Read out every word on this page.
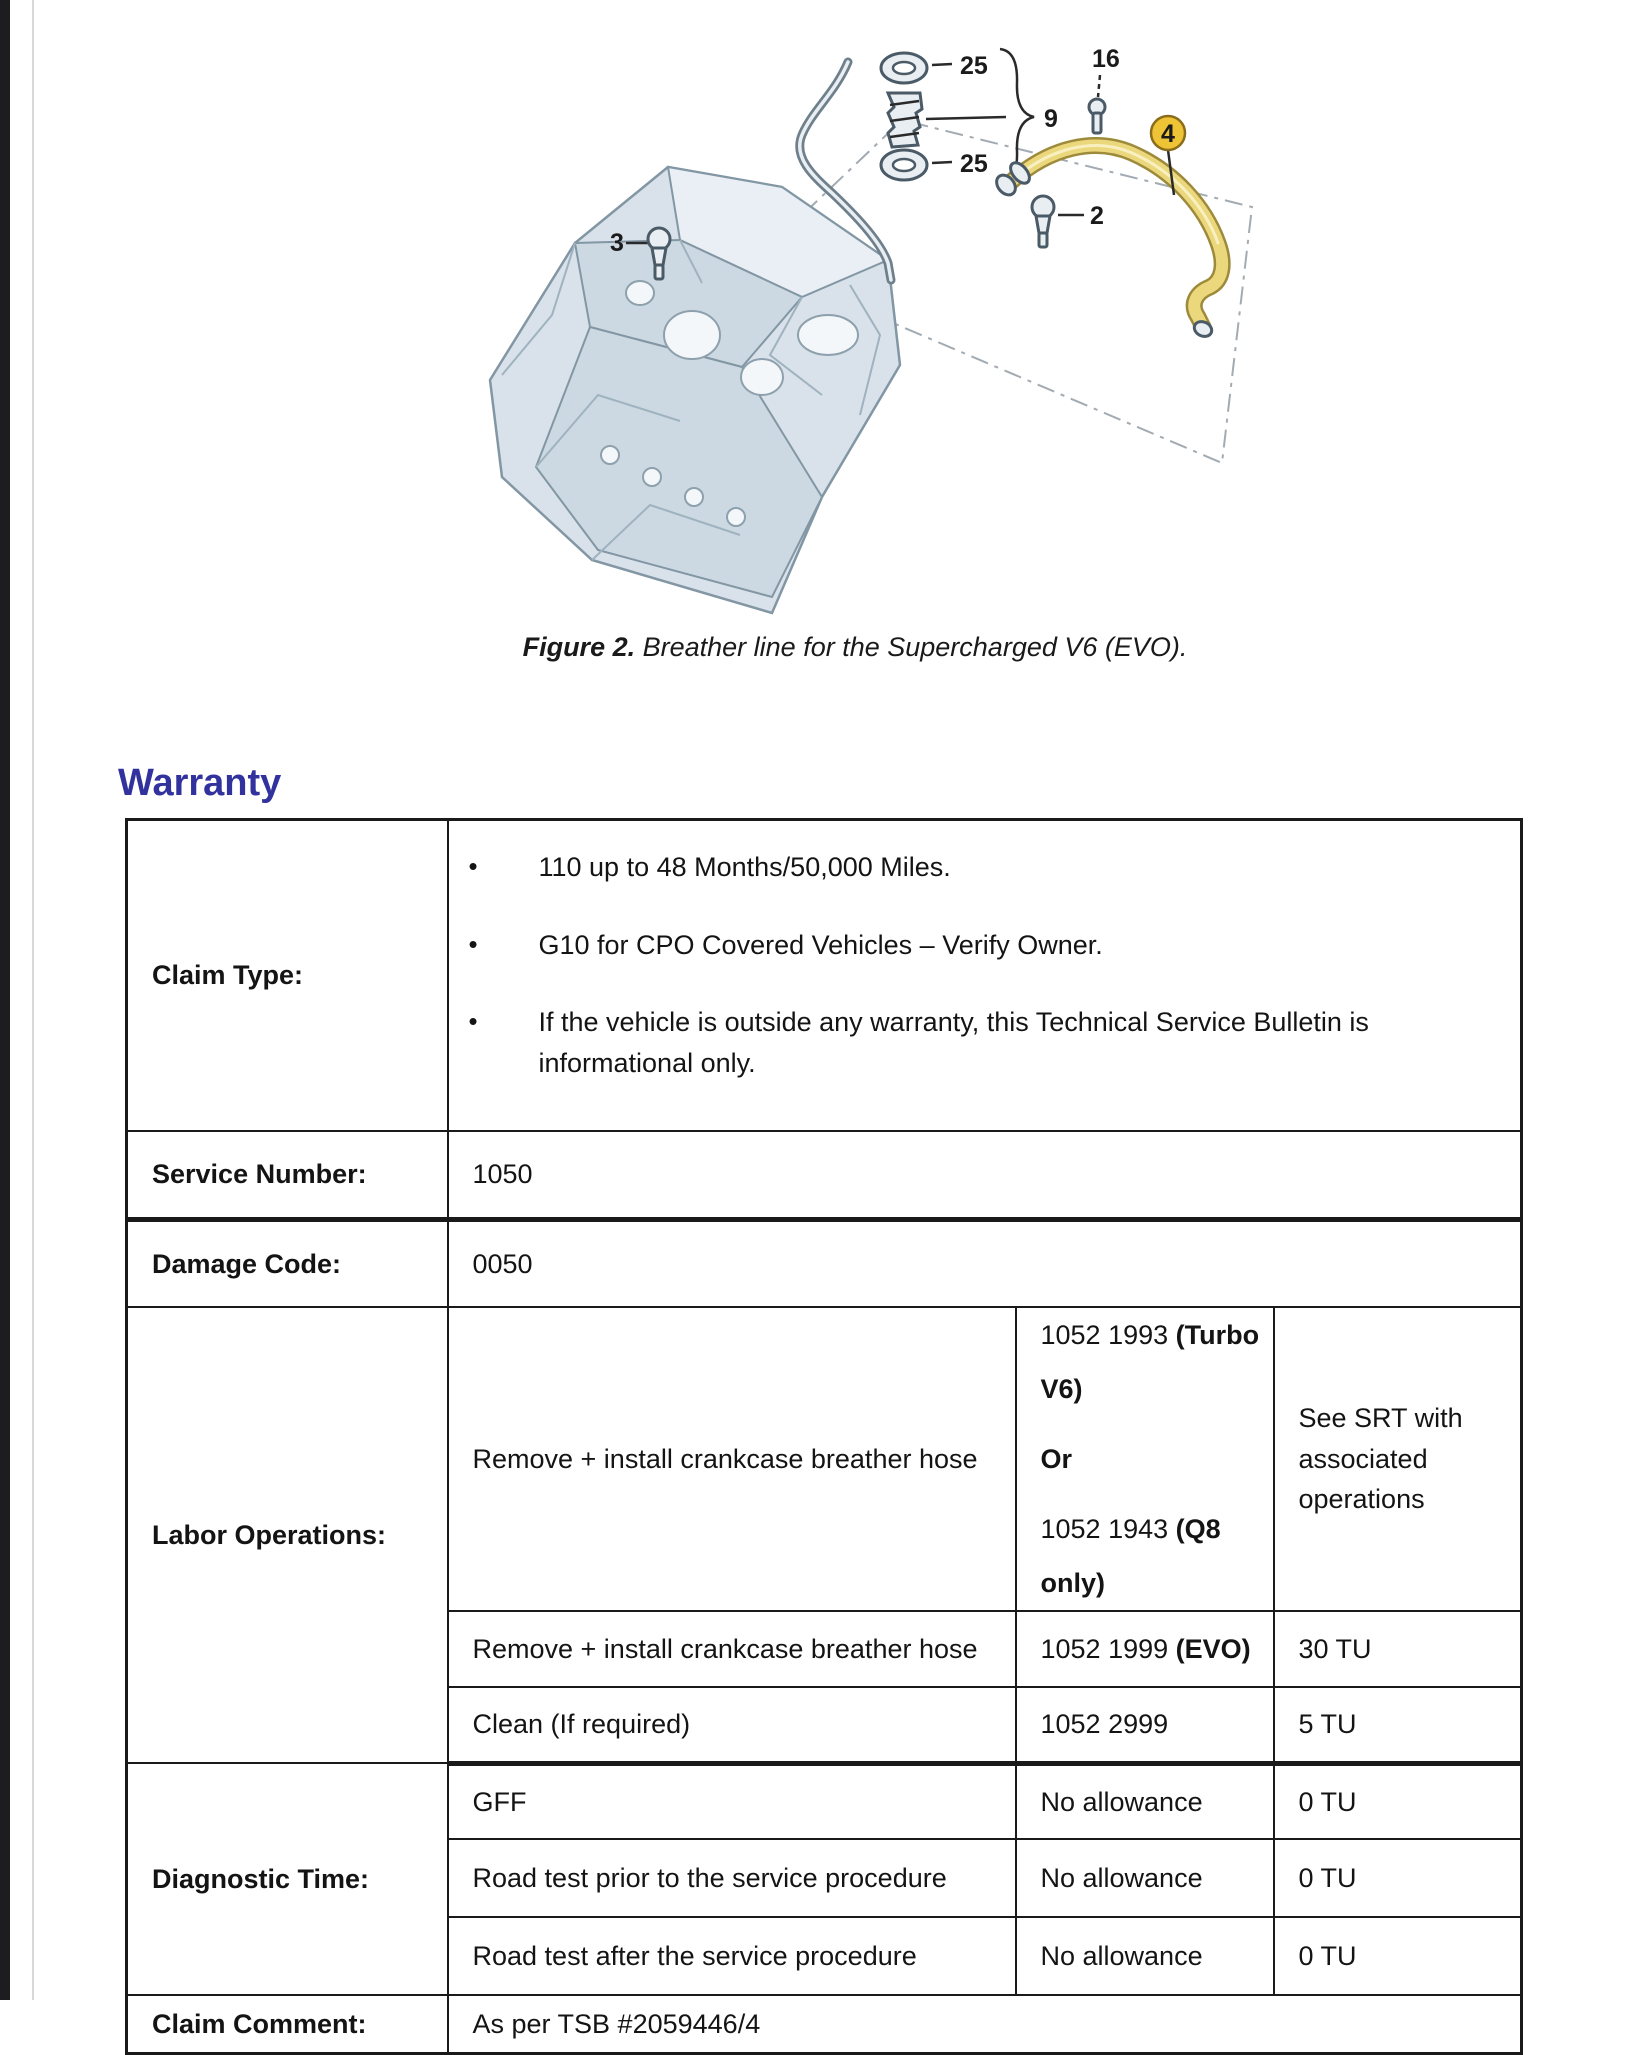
25
25
9
16
2
3
4
Figure 2. Breather line for the Supercharged V6 (EVO).
Warranty
Claim Type:	
•	110 up to 48 Months/50,000 Miles.
•	G10 for CPO Covered Vehicles – Verify Owner.
•	If the vehicle is outside any warranty, this Technical Service Bulletin is informational only.

Service Number:	1050		
Damage Code:	0050		
Labor Operations:	Remove + install crankcase breather hose	1052 1993 (Turbo V6)

Or

1052 1943 (Q8 only)	See SRT with associated operations
	Remove + install crankcase breather hose	1052 1999 (EVO)	30 TU
	Clean (If required)	1052 2999	5 TU
Diagnostic Time:	GFF	No allowance	0 TU
	Road test prior to the service procedure	No allowance	0 TU
	Road test after the service procedure	No allowance	0 TU
Claim Comment:	As per TSB #2059446/4		
